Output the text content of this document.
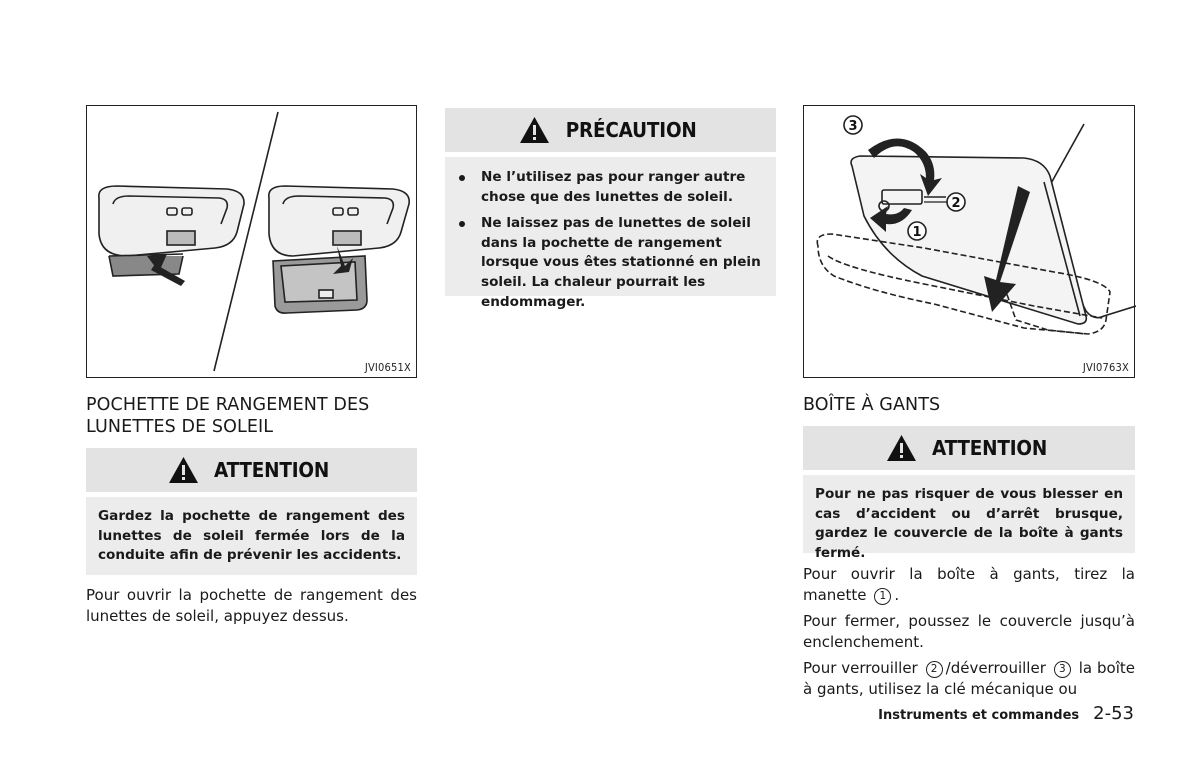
JVI0651X
POCHETTE DE RANGEMENT DES LUNETTES DE SOLEIL
ATTENTION

Gardez la pochette de rangement des lunettes de soleil fermée lors de la conduite afin de prévenir les accidents.

Pour ouvrir la pochette de rangement des lunettes de soleil, appuyez dessus.

PRÉCAUTION
Ne l’utilisez pas pour ranger autre chose que des lunettes de soleil.
Ne laissez pas de lunettes de soleil dans la pochette de rangement lorsque vous êtes stationné en plein soleil. La chaleur pourrait les endommager.
3
2
1
JVI0763X
BOÎTE À GANTS
ATTENTION

Pour ne pas risquer de vous blesser en cas d’accident ou d’arrêt brusque, gardez le couvercle de la boîte à gants fermé.

Pour ouvrir la boîte à gants, tirez la manette 1 .

Pour fermer, poussez le couvercle jusqu’à enclenchement.

Pour verrouiller 2 /déverrouiller 3 la boîte à gants, utilisez la clé mécanique ou

Instruments et commandes 2-53
